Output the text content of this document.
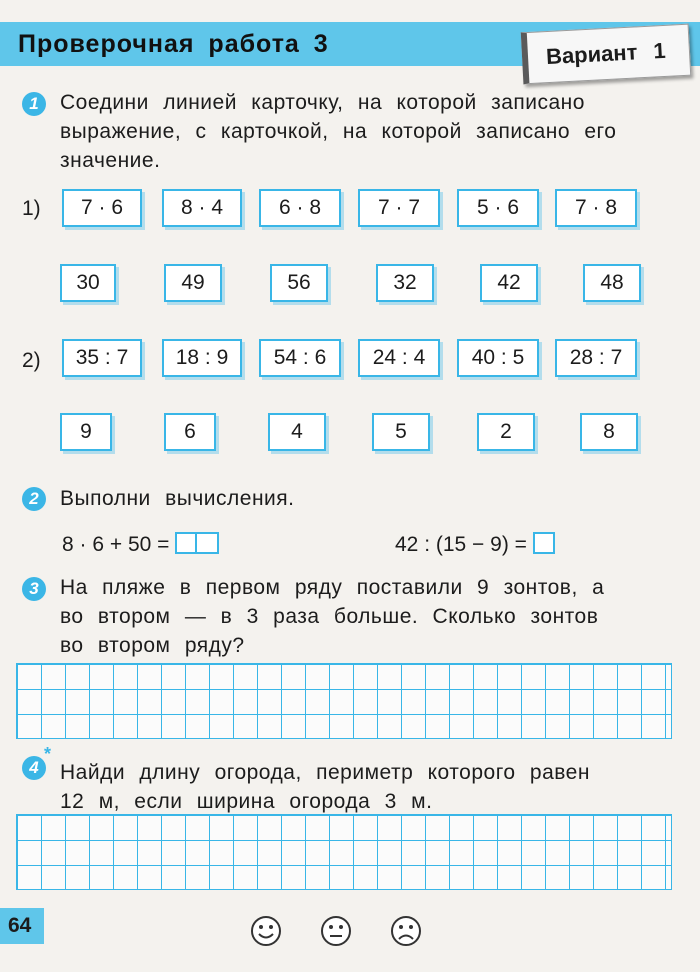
Проверочная работа 3	Вариант 1
1	Соедини линией карточку, на которой записано
выражение, с карточкой, на которой записано его
значение.
1)	7 · 6	8 · 4	6 · 8	7 · 7	5 · 6	7 · 8
30	49	56	32	42	48
2)	35 : 7	18 : 9	54 : 6	24 : 4	40 : 5	28 : 7
9	6	4	5	2	8
2	Выполни вычисления.
8 · 6 + 50 =	42 : (15 − 9) =
3	На пляже в первом ряду поставили 9 зонтов, а
во втором — в 3 раза больше. Сколько зонтов
во втором ряду?
4
*
Найди длину огорода, периметр которого равен
12 м, если ширина огорода 3 м.
64
